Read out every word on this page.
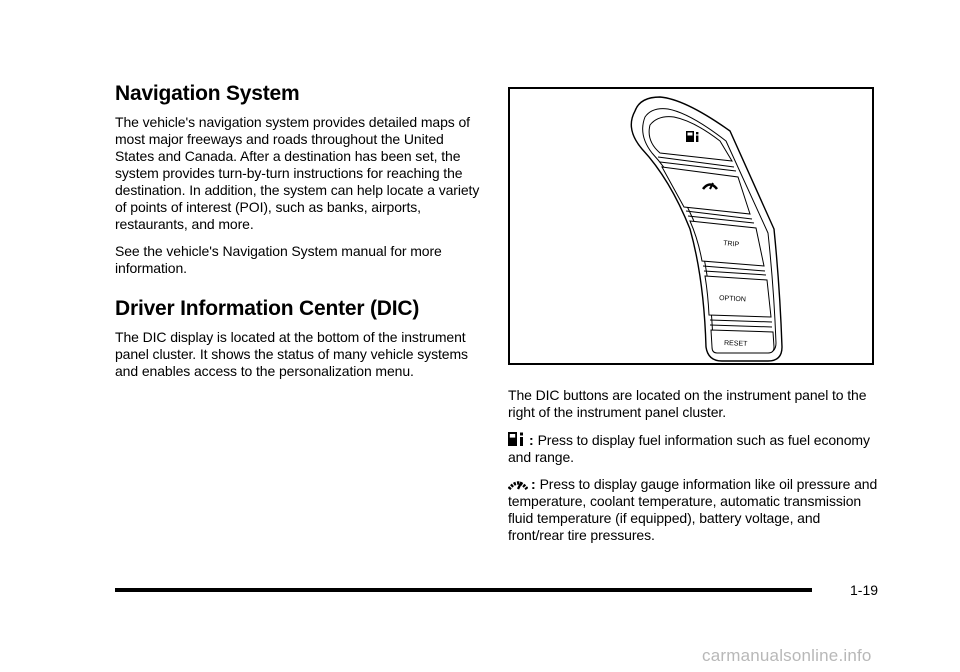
Navigation System

The vehicle's navigation system provides detailed maps of most major freeways and roads throughout the United States and Canada. After a destination has been set, the system provides turn-by-turn instructions for reaching the destination. In addition, the system can help locate a variety of points of interest (POI), such as banks, airports, restaurants, and more.

See the vehicle's Navigation System manual for more information.

Driver Information Center (DIC)

The DIC display is located at the bottom of the instrument panel cluster. It shows the status of many vehicle systems and enables access to the personalization menu.

TRIP
OPTION
RESET

The DIC buttons are located on the instrument panel to the right of the instrument panel cluster.

: Press to display fuel information such as fuel economy and range.

: Press to display gauge information like oil pressure and temperature, coolant temperature, automatic transmission fluid temperature (if equipped), battery voltage, and front/rear tire pressures.

1-19
carmanualsonline.info
